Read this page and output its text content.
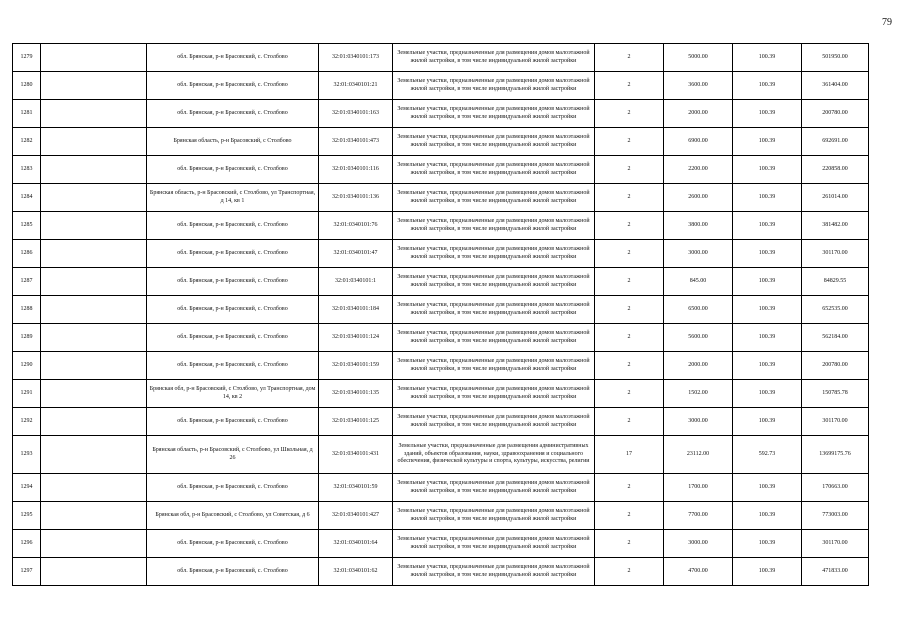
79
1279		обл. Брянская, р-н Брасовский, с. Столбово	32:01:0340101:173	Земельные участки, предназначенные для размещения домов малоэтажной жилой застройки, в том числе индивидуальной жилой застройки	2	5000.00	100.39	501950.00
1280		обл. Брянская, р-н Брасовский, с. Столбово	32:01:0340101:21	Земельные участки, предназначенные для размещения домов малоэтажной жилой застройки, в том числе индивидуальной жилой застройки	2	3600.00	100.39	361404.00
1281		обл. Брянская, р-н Брасовский, с. Столбово	32:01:0340101:163	Земельные участки, предназначенные для размещения домов малоэтажной жилой застройки, в том числе индивидуальной жилой застройки	2	2000.00	100.39	200780.00
1282		Брянская область, р-н Брасовский, с Столбово	32:01:0340101:473	Земельные участки, предназначенные для размещения домов малоэтажной жилой застройки, в том числе индивидуальной жилой застройки	2	6900.00	100.39	692691.00
1283		обл. Брянская, р-н Брасовский, с. Столбово	32:01:0340101:116	Земельные участки, предназначенные для размещения домов малоэтажной жилой застройки, в том числе индивидуальной жилой застройки	2	2200.00	100.39	220858.00
1284		Брянская область, р-н Брасовский, с Столбово, ул Транспортная, д 14, кв 1	32:01:0340101:136	Земельные участки, предназначенные для размещения домов малоэтажной жилой застройки, в том числе индивидуальной жилой застройки	2	2600.00	100.39	261014.00
1285		обл. Брянская, р-н Брасовский, с. Столбово	32:01:0340101:76	Земельные участки, предназначенные для размещения домов малоэтажной жилой застройки, в том числе индивидуальной жилой застройки	2	3800.00	100.39	381482.00
1286		обл. Брянская, р-н Брасовский, с. Столбово	32:01:0340101:47	Земельные участки, предназначенные для размещения домов малоэтажной жилой застройки, в том числе индивидуальной жилой застройки	2	3000.00	100.39	301170.00
1287		обл. Брянская, р-н Брасовский, с. Столбово	32:01:0340101:1	Земельные участки, предназначенные для размещения домов малоэтажной жилой застройки, в том числе индивидуальной жилой застройки	2	845.00	100.39	84829.55
1288		обл. Брянская, р-н Брасовский, с. Столбово	32:01:0340101:184	Земельные участки, предназначенные для размещения домов малоэтажной жилой застройки, в том числе индивидуальной жилой застройки	2	6500.00	100.39	652535.00
1289		обл. Брянская, р-н Брасовский, с. Столбово	32:01:0340101:124	Земельные участки, предназначенные для размещения домов малоэтажной жилой застройки, в том числе индивидуальной жилой застройки	2	5600.00	100.39	562184.00
1290		обл. Брянская, р-н Брасовский, с. Столбово	32:01:0340101:159	Земельные участки, предназначенные для размещения домов малоэтажной жилой застройки, в том числе индивидуальной жилой застройки	2	2000.00	100.39	200780.00
1291		Брянская обл, р-н Брасовский, с Столбово, ул Транспортная, дом 14, кв 2	32:01:0340101:135	Земельные участки, предназначенные для размещения домов малоэтажной жилой застройки, в том числе индивидуальной жилой застройки	2	1502.00	100.39	150785.78
1292		обл. Брянская, р-н Брасовский, с. Столбово	32:01:0340101:125	Земельные участки, предназначенные для размещения домов малоэтажной жилой застройки, в том числе индивидуальной жилой застройки	2	3000.00	100.39	301170.00
1293		Брянская область, р-н Брасовский, с Столбово, ул Школьная, д 26	32:01:0340101:431	Земельные участки, предназначенные для размещения административных зданий, объектов образования, науки, здравоохранения и социального обеспечения, физической культуры и спорта, культуры, искусства, религии	17	23112.00	592.73	13699175.76
1294		обл. Брянская, р-н Брасовский, с. Столбово	32:01:0340101:59	Земельные участки, предназначенные для размещения домов малоэтажной жилой застройки, в том числе индивидуальной жилой застройки	2	1700.00	100.39	170663.00
1295		Брянская обл, р-н Брасовский, с Столбово, ул Советская, д 6	32:01:0340101:427	Земельные участки, предназначенные для размещения домов малоэтажной жилой застройки, в том числе индивидуальной жилой застройки	2	7700.00	100.39	773003.00
1296		обл. Брянская, р-н Брасовский, с. Столбово	32:01:0340101:64	Земельные участки, предназначенные для размещения домов малоэтажной жилой застройки, в том числе индивидуальной жилой застройки	2	3000.00	100.39	301170.00
1297		обл. Брянская, р-н Брасовский, с. Столбово	32:01:0340101:62	Земельные участки, предназначенные для размещения домов малоэтажной жилой застройки, в том числе индивидуальной жилой застройки	2	4700.00	100.39	471833.00
